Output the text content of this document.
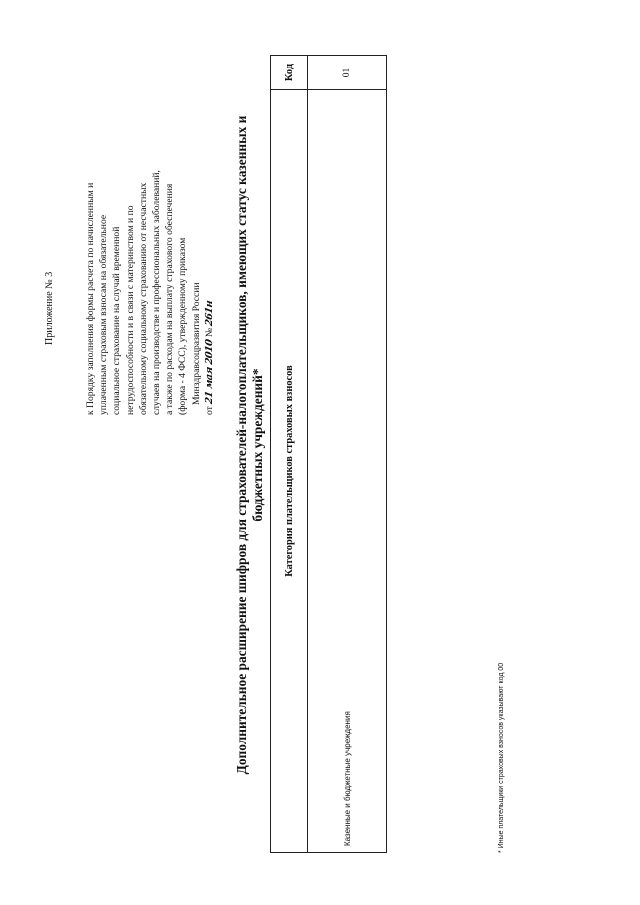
Приложение № 3	к Порядку заполнения формы расчета по начисленным и уплаченным страховым взносам на обязательное социальное страхование на случай временной нетрудоспособности и в связи с материнством и по обязательному социальному страхованию от несчастных случаев на производстве и профессиональных заболеваний, а также по расходам на выплату страхового обеспечения (форма - 4 ФСС), утвержденному приказом Минздравсоцразвития России
от 21 мая 2010 № 261н Дополнительное расширение шифров для страхователей-налогоплательщиков, имеющих статус казенных и бюджетных учреждений* Категория плательщиков страховых взносов	Код
Казенные и бюджетные учреждения	01
* Иные плательщики страховых взносов указывают код 00
